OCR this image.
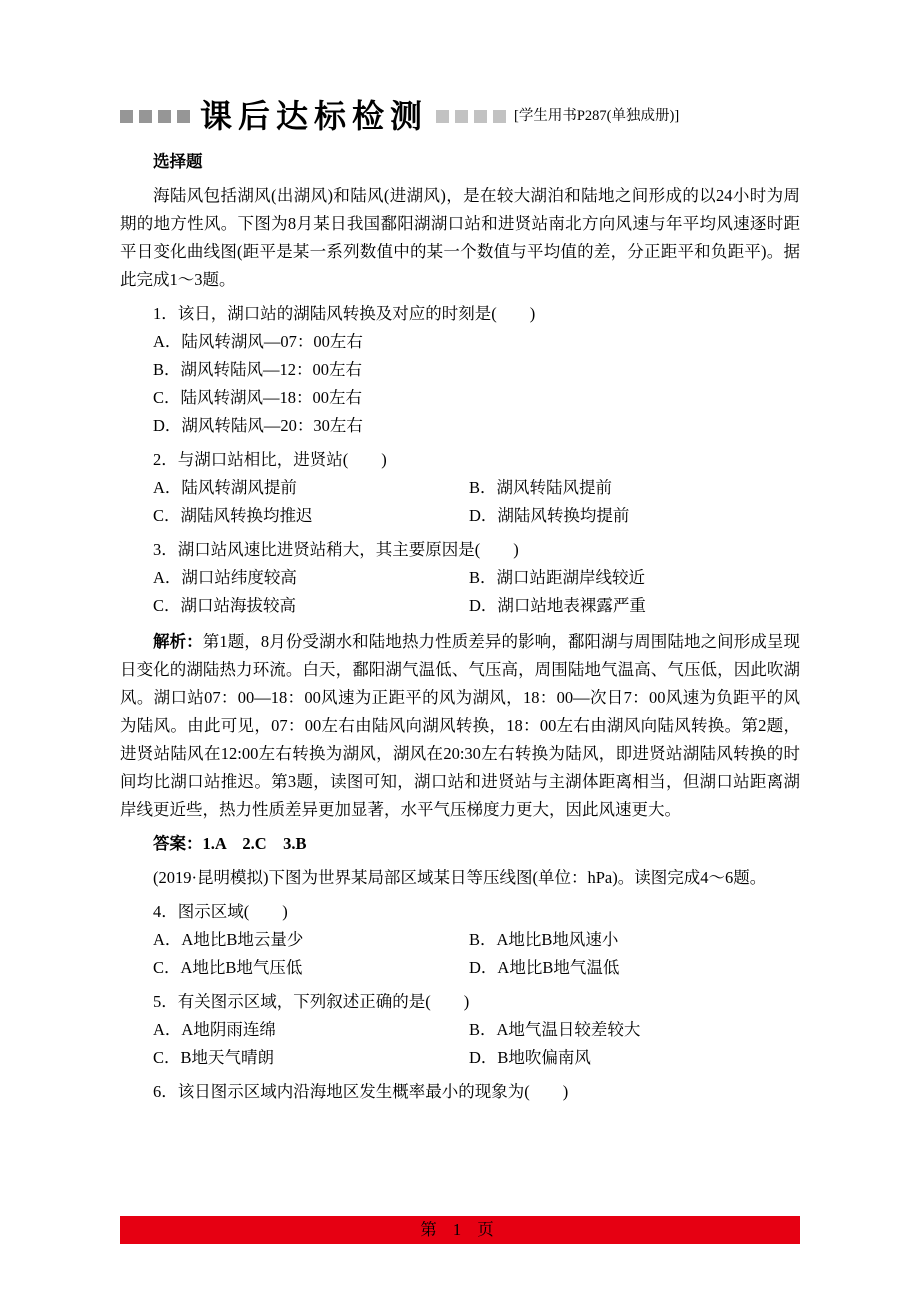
课后达标检测	[学生用书P287(单独成册)]
选择题

海陆风包括湖风(出湖风)和陆风(进湖风)，是在较大湖泊和陆地之间形成的以24小时为周期的地方性风。下图为8月某日我国鄱阳湖湖口站和进贤站南北方向风速与年平均风速逐时距平日变化曲线图(距平是某一系列数值中的某一个数值与平均值的差，分正距平和负距平)。据此完成1～3题。

1．该日，湖口站的湖陆风转换及对应的时刻是(　　)

A．陆风转湖风—07：00左右

B．湖风转陆风—12：00左右

C．陆风转湖风—18：00左右

D．湖风转陆风—20：30左右

2．与湖口站相比，进贤站(　　)

A．陆风转湖风提前	B．湖风转陆风提前
C．湖陆风转换均推迟	D．湖陆风转换均提前

3．湖口站风速比进贤站稍大，其主要原因是(　　)

A．湖口站纬度较高	B．湖口站距湖岸线较近
C．湖口站海拔较高	D．湖口站地表裸露严重

解析：第1题，8月份受湖水和陆地热力性质差异的影响，鄱阳湖与周围陆地之间形成呈现日变化的湖陆热力环流。白天，鄱阳湖气温低、气压高，周围陆地气温高、气压低，因此吹湖风。湖口站07：00—18：00风速为正距平的风为湖风，18：00—次日7：00风速为负距平的风为陆风。由此可见，07：00左右由陆风向湖风转换，18：00左右由湖风向陆风转换。第2题，进贤站陆风在12:00左右转换为湖风，湖风在20:30左右转换为陆风，即进贤站湖陆风转换的时间均比湖口站推迟。第3题，读图可知，湖口站和进贤站与主湖体距离相当，但湖口站距离湖岸线更近些，热力性质差异更加显著，水平气压梯度力更大，因此风速更大。

答案：1.A　2.C　3.B

(2019·昆明模拟)下图为世界某局部区域某日等压线图(单位：hPa)。读图完成4～6题。

4．图示区域(　　)

A．A地比B地云量少	B．A地比B地风速小
C．A地比B地气压低	D．A地比B地气温低

5．有关图示区域，下列叙述正确的是(　　)

A．A地阴雨连绵	B．A地气温日较差较大
C．B地天气晴朗	D．B地吹偏南风

6．该日图示区域内沿海地区发生概率最小的现象为(　　)

第 1 页
